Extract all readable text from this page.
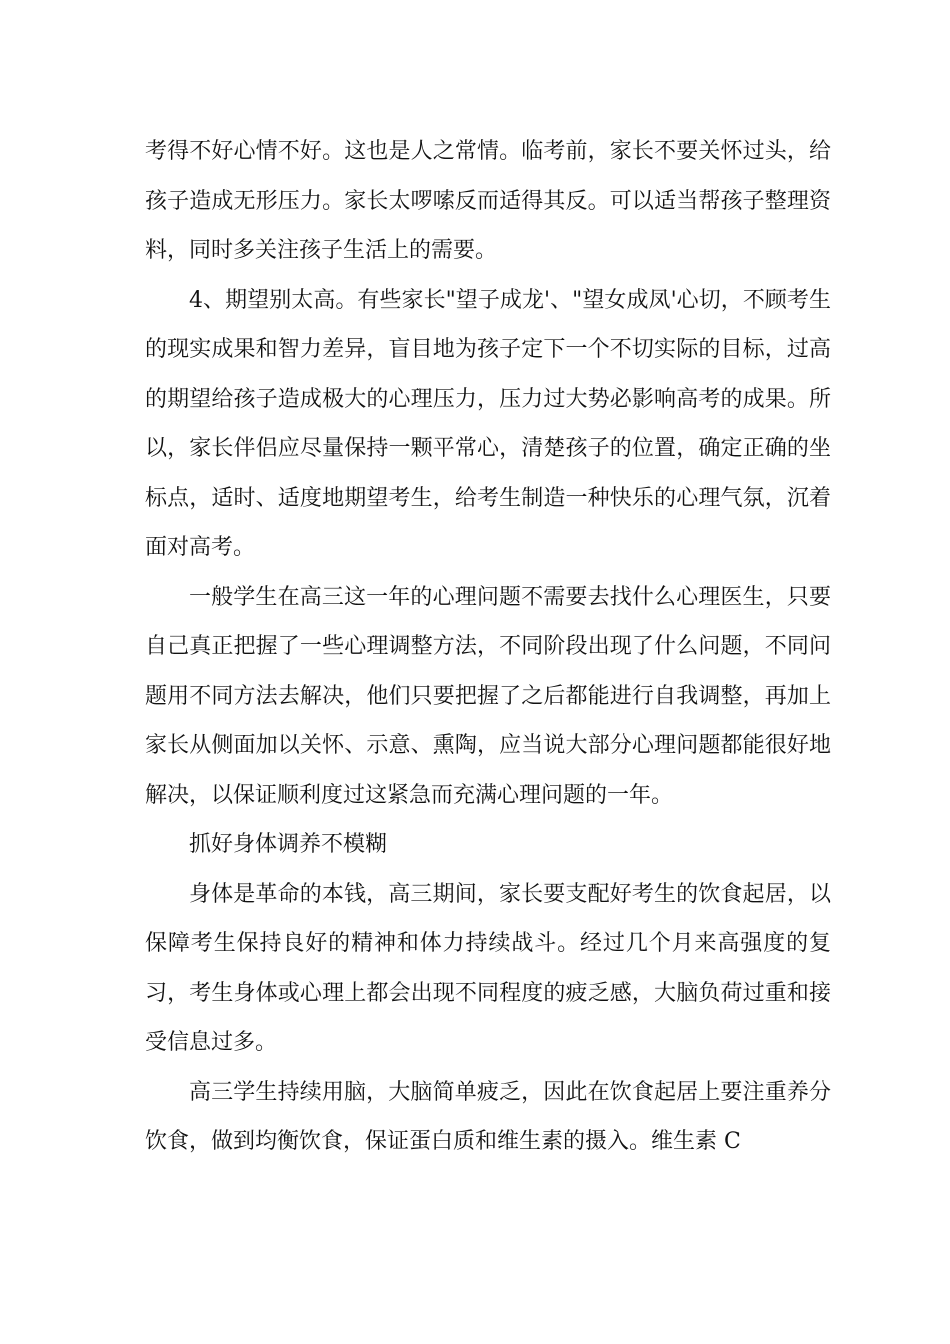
考得不好心情不好。这也是人之常情。临考前，家长不要关怀过头，给孩子造成无形压力。家长太啰嗦反而适得其反。可以适当帮孩子整理资料，同时多关注孩子生活上的需要。

4、期望别太高。有些家长"望子成龙'、"望女成凤'心切，不顾考生的现实成果和智力差异，盲目地为孩子定下一个不切实际的目标，过高的期望给孩子造成极大的心理压力，压力过大势必影响高考的成果。所以，家长伴侣应尽量保持一颗平常心，清楚孩子的位置，确定正确的坐标点，适时、适度地期望考生，给考生制造一种快乐的心理气氛，沉着面对高考。

一般学生在高三这一年的心理问题不需要去找什么心理医生，只要自己真正把握了一些心理调整方法，不同阶段出现了什么问题，不同问题用不同方法去解决，他们只要把握了之后都能进行自我调整，再加上家长从侧面加以关怀、示意、熏陶，应当说大部分心理问题都能很好地解决，以保证顺利度过这紧急而充满心理问题的一年。

抓好身体调养不模糊

身体是革命的本钱，高三期间，家长要支配好考生的饮食起居，以保障考生保持良好的精神和体力持续战斗。经过几个月来高强度的复习，考生身体或心理上都会出现不同程度的疲乏感，大脑负荷过重和接受信息过多。

高三学生持续用脑，大脑简单疲乏，因此在饮食起居上要注重养分饮食，做到均衡饮食，保证蛋白质和维生素的摄入。维生素 C
